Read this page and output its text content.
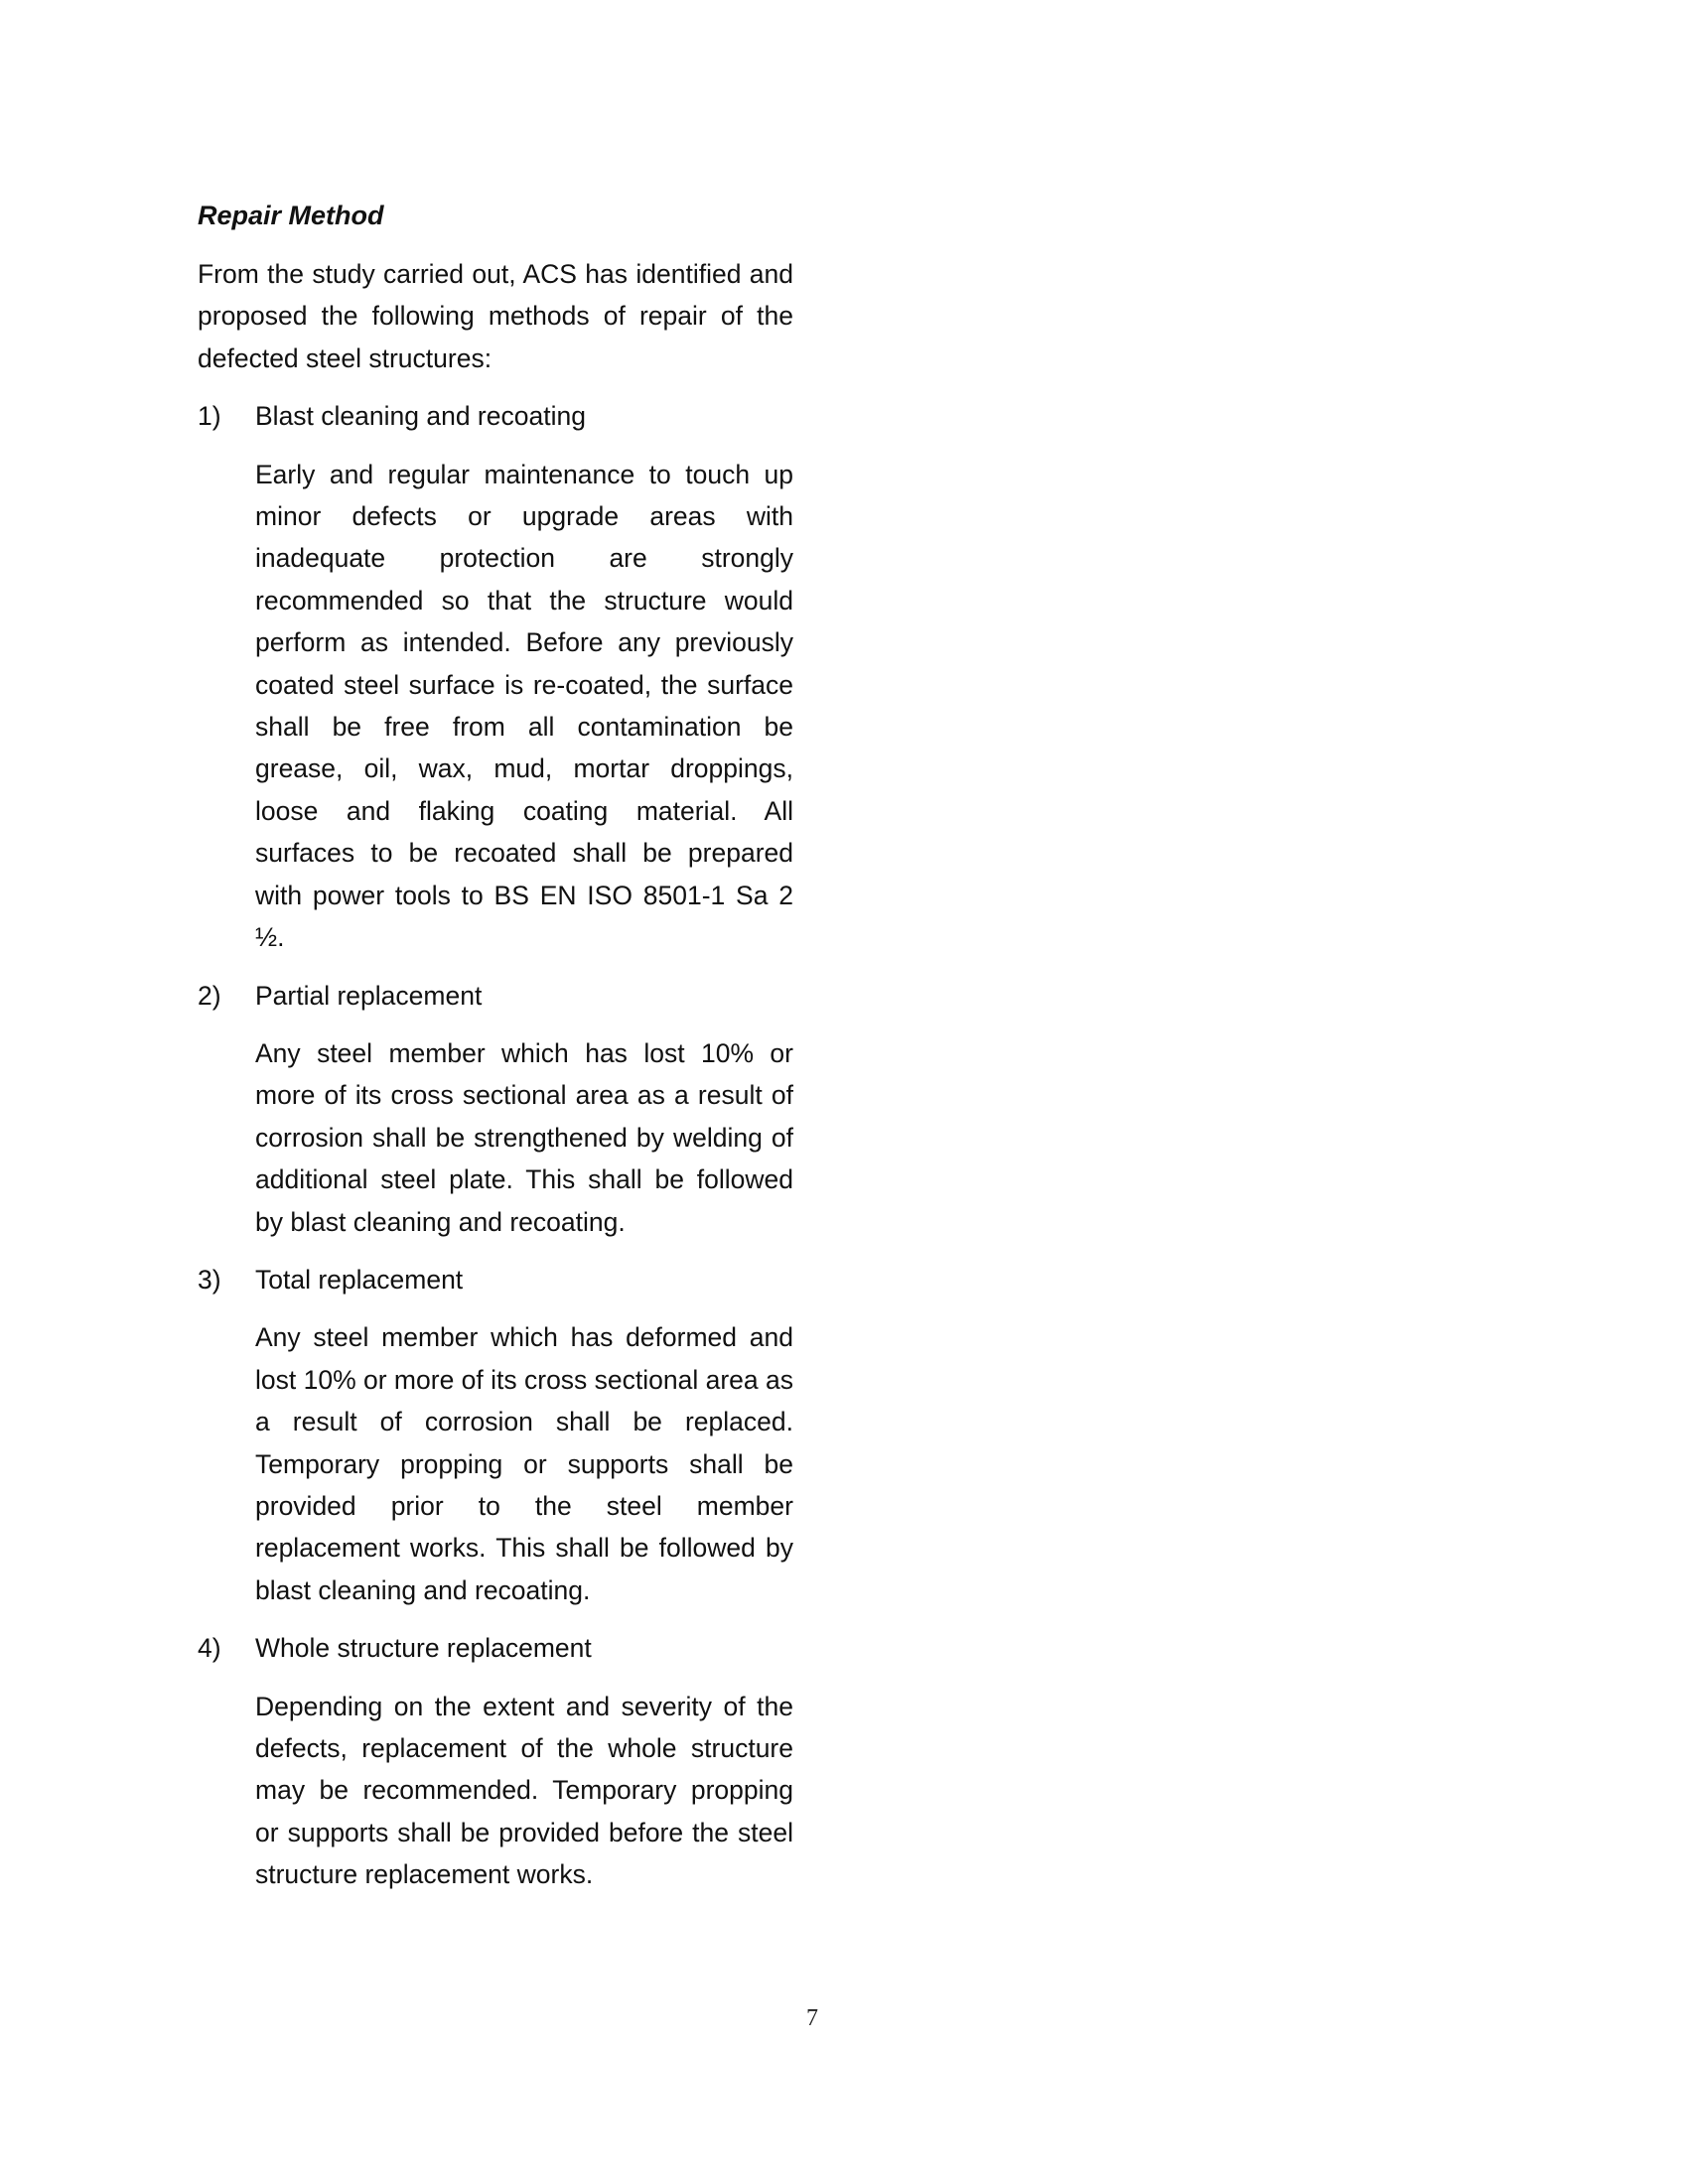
Repair Method

From the study carried out, ACS has identified and proposed the following methods of repair of the defected steel structures:

1)	Blast cleaning and recoating
Early and regular maintenance to touch up minor defects or upgrade areas with inadequate protection are strongly recommended so that the structure would perform as intended. Before any previously coated steel surface is re-coated, the surface shall be free from all contamination be grease, oil, wax, mud, mortar droppings, loose and flaking coating material. All surfaces to be recoated shall be prepared with power tools to BS EN ISO 8501-1 Sa 2 ½.
2)	Partial replacement
Any steel member which has lost 10% or more of its cross sectional area as a result of corrosion shall be strengthened by welding of additional steel plate. This shall be followed by blast cleaning and recoating.
3)	Total replacement
Any steel member which has deformed and lost 10% or more of its cross sectional area as a result of corrosion shall be replaced. Temporary propping or supports shall be provided prior to the steel member replacement works. This shall be followed by blast cleaning and recoating.
4)	Whole structure replacement
Depending on the extent and severity of the defects, replacement of the whole structure may be recommended. Temporary propping or supports shall be provided before the steel structure replacement works.
7
